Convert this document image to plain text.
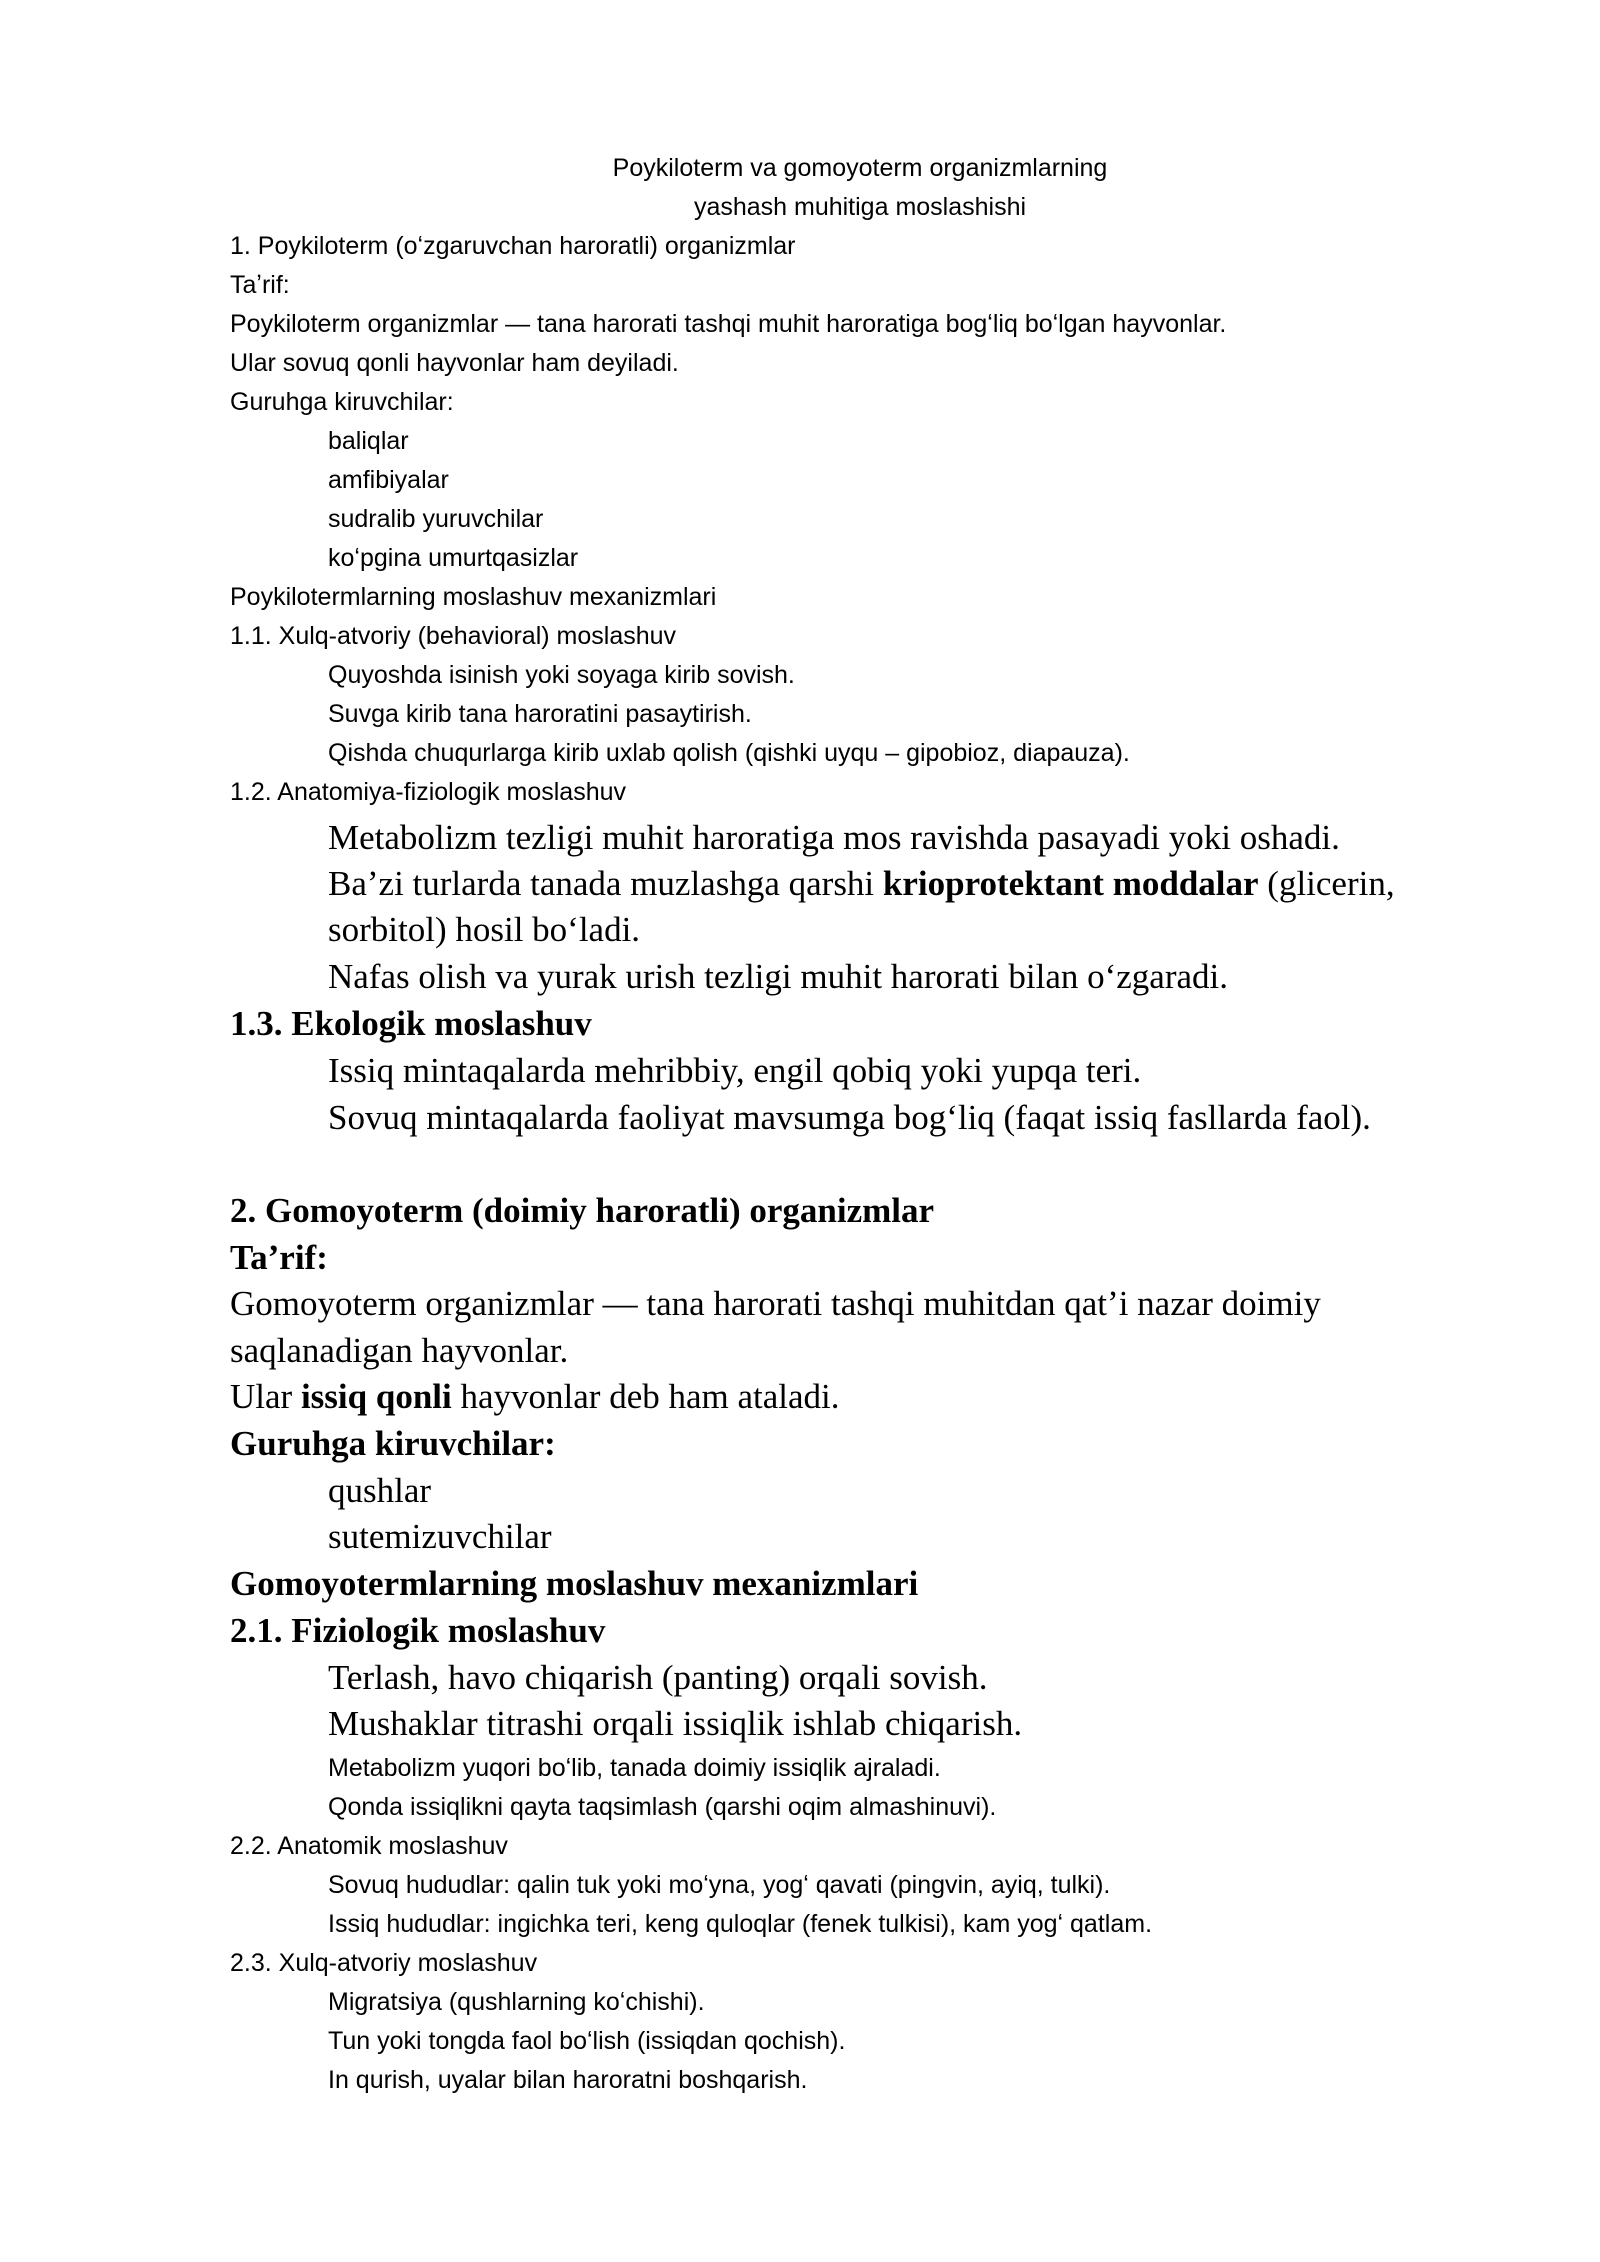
Poykiloterm va gomoyoterm organizmlarning
yashash muhitiga moslashishi
1. Poykiloterm (oʻzgaruvchan haroratli) organizmlar
Taʼrif:
Poykiloterm organizmlar — tana harorati tashqi muhit haroratiga bogʻliq boʻlgan hayvonlar.
Ular sovuq qonli hayvonlar ham deyiladi.
Guruhga kiruvchilar:
baliqlar
amfibiyalar
sudralib yuruvchilar
koʻpgina umurtqasizlar
Poykilotermlarning moslashuv mexanizmlari
1.1. Xulq-atvoriy (behavioral) moslashuv
Quyoshda isinish yoki soyaga kirib sovish.
Suvga kirib tana haroratini pasaytirish.
Qishda chuqurlarga kirib uxlab qolish (qishki uyqu – gipobioz, diapauza).
1.2. Anatomiya-fiziologik moslashuv
Metabolizm tezligi muhit haroratiga mos ravishda pasayadi yoki oshadi.
Baʼzi turlarda tanada muzlashga qarshi krioprotektant moddalar (glicerin,
sorbitol) hosil boʻladi.
Nafas olish va yurak urish tezligi muhit harorati bilan oʻzgaradi.
1.3. Ekologik moslashuv
Issiq mintaqalarda mehribbiy, engil qobiq yoki yupqa teri.
Sovuq mintaqalarda faoliyat mavsumga bogʻliq (faqat issiq fasllarda faol).
2. Gomoyoterm (doimiy haroratli) organizmlar
Taʼrif:
Gomoyoterm organizmlar — tana harorati tashqi muhitdan qatʼi nazar doimiy
saqlanadigan hayvonlar.
Ular issiq qonli hayvonlar deb ham ataladi.
Guruhga kiruvchilar:
qushlar
sutemizuvchilar
Gomoyotermlarning moslashuv mexanizmlari
2.1. Fiziologik moslashuv
Terlash, havo chiqarish (panting) orqali sovish.
Mushaklar titrashi orqali issiqlik ishlab chiqarish.
Metabolizm yuqori boʻlib, tanada doimiy issiqlik ajraladi.
Qonda issiqlikni qayta taqsimlash (qarshi oqim almashinuvi).
2.2. Anatomik moslashuv
Sovuq hududlar: qalin tuk yoki moʻyna, yogʻ qavati (pingvin, ayiq, tulki).
Issiq hududlar: ingichka teri, keng quloqlar (fenek tulkisi), kam yogʻ qatlam.
2.3. Xulq-atvoriy moslashuv
Migratsiya (qushlarning koʻchishi).
Tun yoki tongda faol boʻlish (issiqdan qochish).
In qurish, uyalar bilan haroratni boshqarish.
